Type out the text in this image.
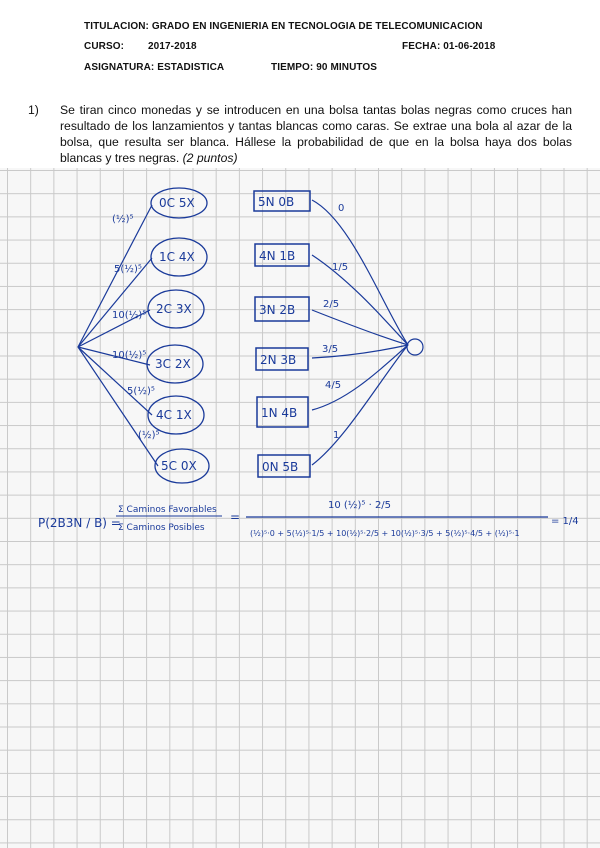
TITULACION: GRADO EN INGENIERIA EN TECNOLOGIA DE TELECOMUNICACION
CURSO: 2017-2018	FECHA: 01-06-2018
ASIGNATURA: ESTADISTICA	TIEMPO: 90 MINUTOS
1) Se tiran cinco monedas y se introducen en una bolsa tantas bolas negras como cruces han resultado de los lanzamientos y tantas blancas como caras. Se extrae una bola al azar de la bolsa, que resulta ser blanca. Hállese la probabilidad de que en la bolsa haya dos bolas blancas y tres negras. (2 puntos)
0C 5X
1C 4X
2C 3X
3C 2X
4C 1X
5C 0X
(½)⁵
5(½)⁵
10(½)⁵
10(½)⁵
5(½)⁵
(½)⁵
5N 0B
4N 1B
3N 2B
2N 3B
1N 4B
0N 5B
0
1/5
2/5
3/5
4/5
1
P(2B3N / B) =
Σ Caminos Favorables
Σ Caminos Posibles
=
10 (½)⁵ · 2/5
(½)⁵·0 + 5(½)⁵·1/5 + 10(½)⁵·2/5 + 10(½)⁵·3/5 + 5(½)⁵·4/5 + (½)⁵·1
= 1/4
